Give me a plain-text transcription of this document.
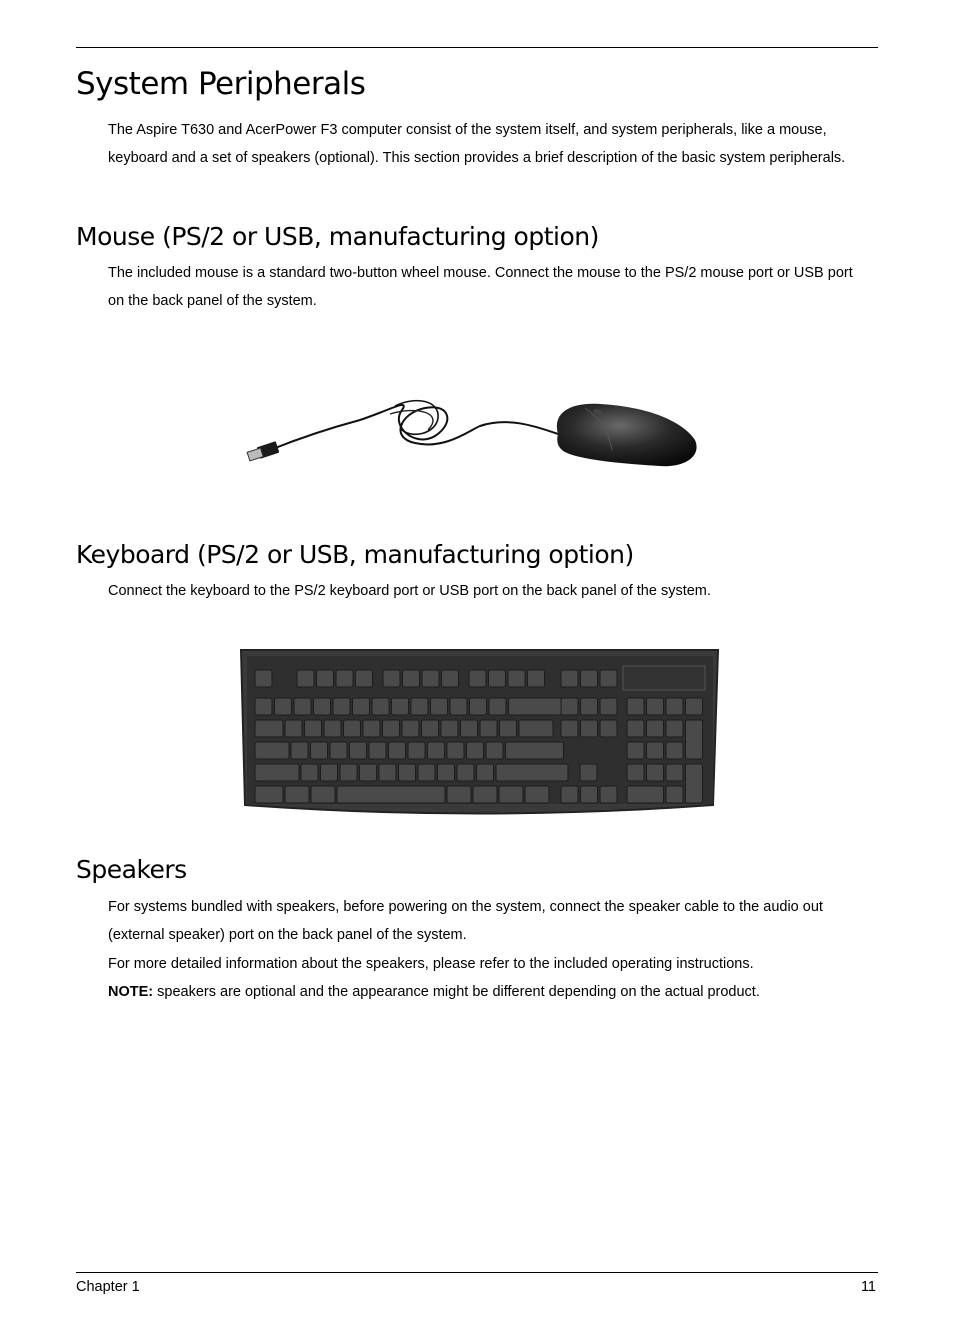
System Peripherals

The Aspire T630 and AcerPower F3 computer consist of the system itself, and system peripherals, like a mouse, keyboard and a set of speakers (optional). This section provides a brief description of the basic system peripherals.

Mouse (PS/2 or USB, manufacturing option)

The included mouse is a standard two-button wheel mouse. Connect the mouse to the PS/2 mouse port or USB port on the back panel of the system.

Keyboard (PS/2 or USB, manufacturing option)

Connect the keyboard to the PS/2 keyboard port or USB port on the back panel of the system.

Speakers

For systems bundled with speakers, before powering on the system, connect the speaker cable to the audio out (external speaker) port on the back panel of the system.

For more detailed information about the speakers, please refer to the included operating instructions.

NOTE: speakers are optional and the appearance might be different depending on the actual product.

Chapter 1	11
